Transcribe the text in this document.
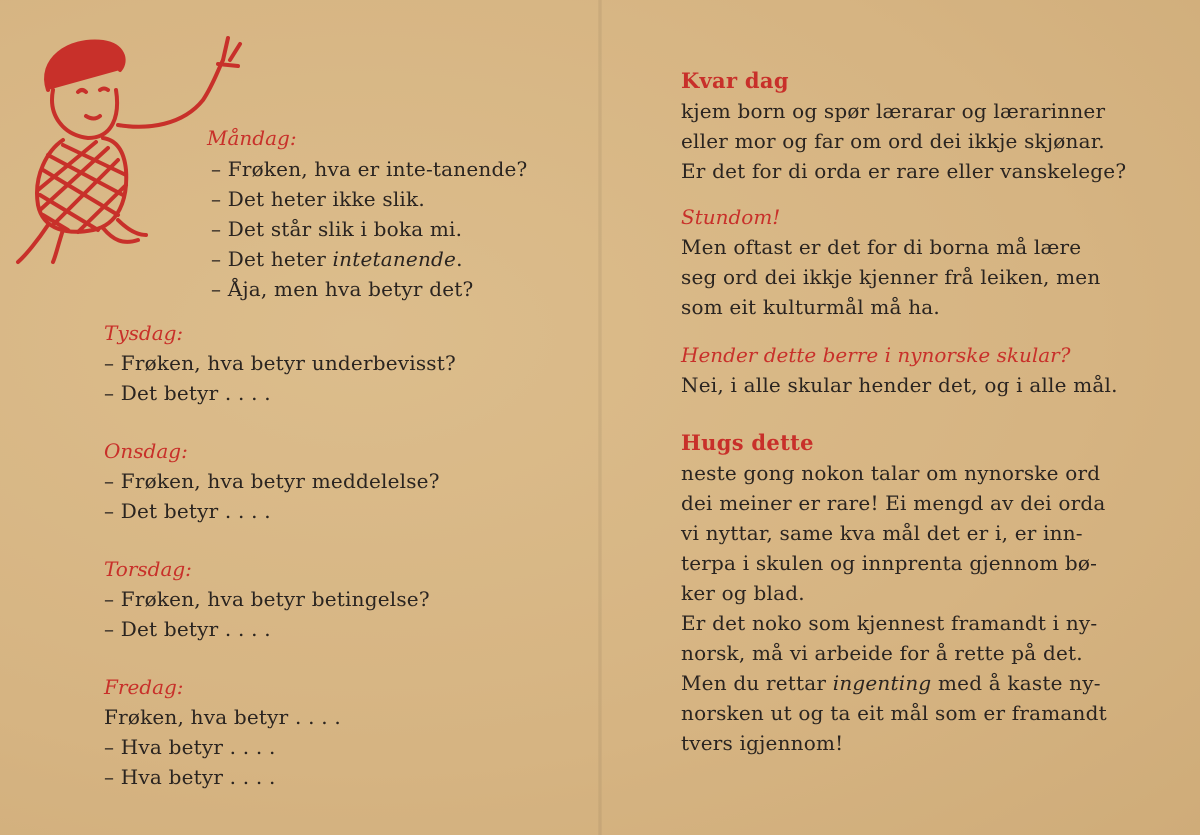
Måndag:
– Frøken, hva er inte-tanende?
– Det heter ikke slik.
– Det står slik i boka mi.
– Det heter intetanende.
– Åja, men hva betyr det?
Tysdag:
– Frøken, hva betyr underbevisst?
– Det betyr . . . .
Onsdag:
– Frøken, hva betyr meddelelse?
– Det betyr . . . .
Torsdag:
– Frøken, hva betyr betingelse?
– Det betyr . . . .
Fredag:
Frøken, hva betyr . . . .
– Hva betyr . . . .
– Hva betyr . . . .
Kvar dag
kjem born og spør lærarar og lærarinner
eller mor og far om ord dei ikkje skjønar.
Er det for di orda er rare eller vanskelege?
Stundom!
Men oftast er det for di borna må lære
seg ord dei ikkje kjenner frå leiken, men
som eit kulturmål må ha.
Hender dette berre i nynorske skular?
Nei, i alle skular hender det, og i alle mål.
Hugs dette
neste gong nokon talar om nynorske ord
dei meiner er rare! Ei mengd av dei orda
vi nyttar, same kva mål det er i, er inn-
terpa i skulen og innprenta gjennom bø-
ker og blad.
Er det noko som kjennest framandt i ny-
norsk, må vi arbeide for å rette på det.
Men du rettar ingenting med å kaste ny-
norsken ut og ta eit mål som er framandt
tvers igjennom!
